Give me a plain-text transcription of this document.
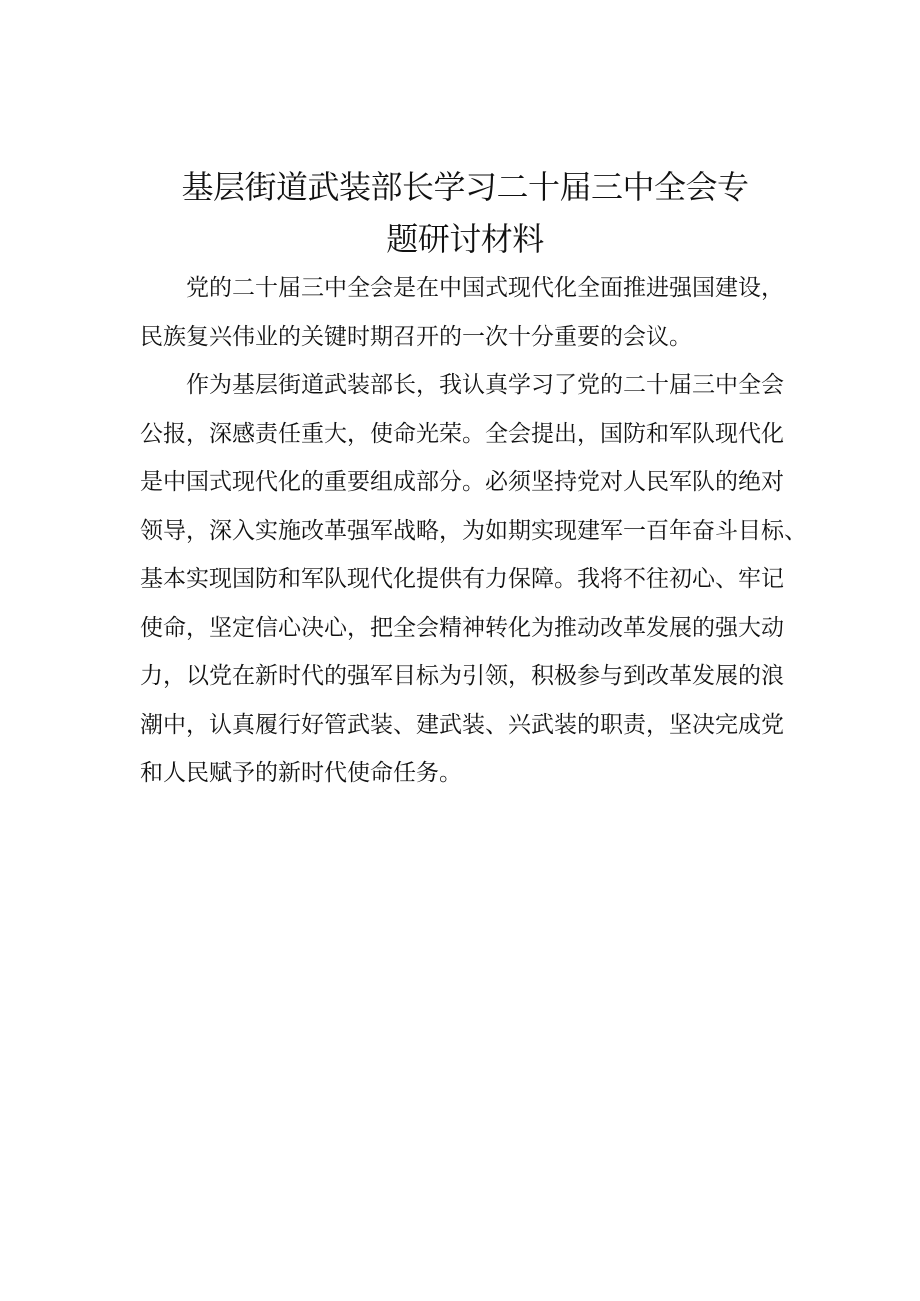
基层街道武装部长学习二十届三中全会专
题研讨材料
党的二十届三中全会是在中国式现代化全面推进强国建设，
民族复兴伟业的关键时期召开的一次十分重要的会议。
作为基层街道武装部长，我认真学习了党的二十届三中全会
公报，深感责任重大，使命光荣。全会提出，国防和军队现代化
是中国式现代化的重要组成部分。必须坚持党对人民军队的绝对
领导，深入实施改革强军战略，为如期实现建军一百年奋斗目标、
基本实现国防和军队现代化提供有力保障。我将不往初心、牢记
使命，坚定信心决心，把全会精神转化为推动改革发展的强大动
力，以党在新时代的强军目标为引领，积极参与到改革发展的浪
潮中，认真履行好管武装、建武装、兴武装的职责，坚决完成党
和人民赋予的新时代使命任务。
